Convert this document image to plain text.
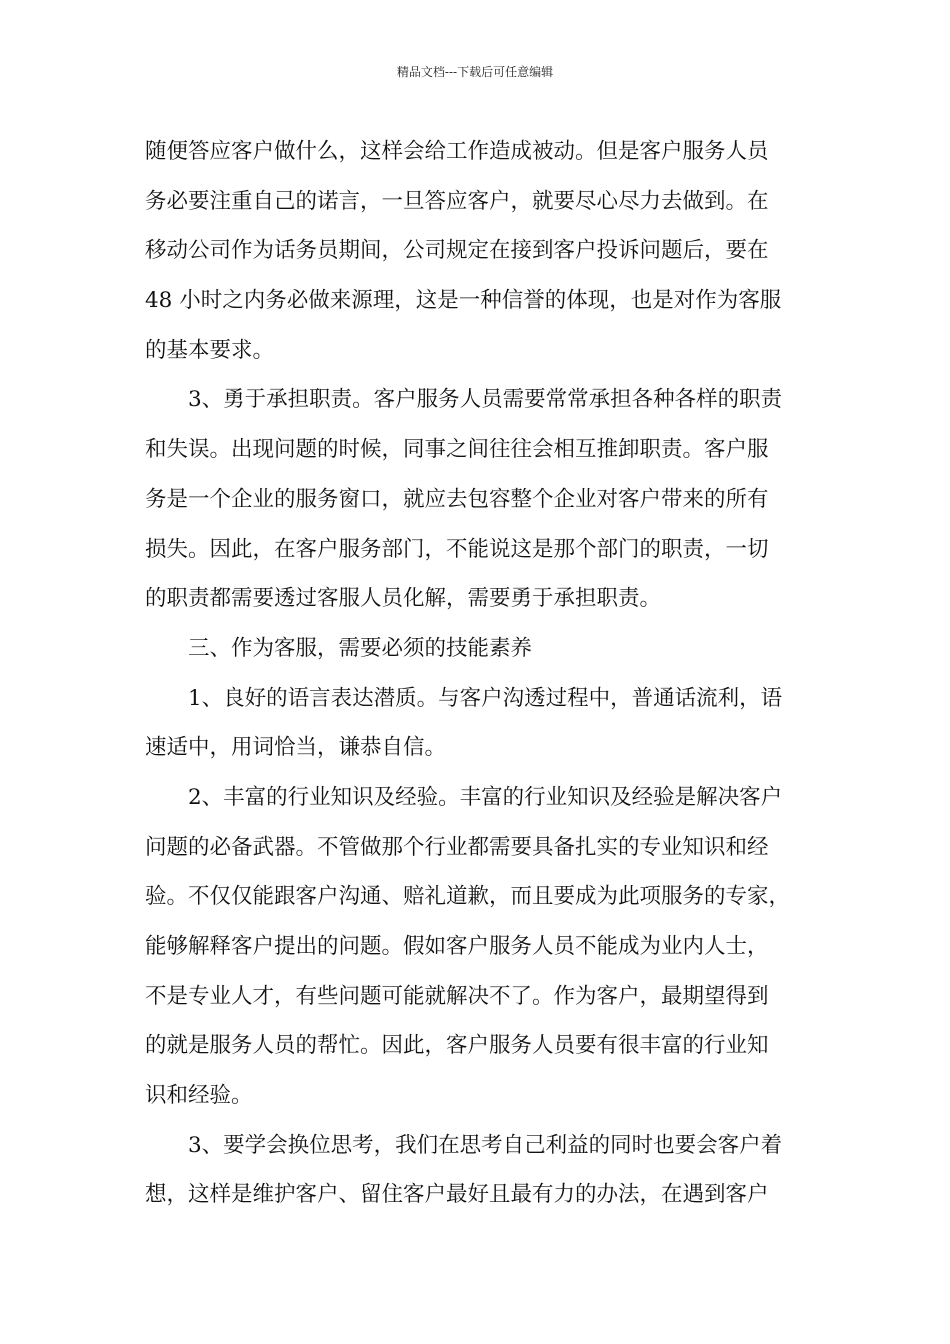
精品文档---下载后可任意编辑
随便答应客户做什么，这样会给工作造成被动。但是客户服务人员
务必要注重自己的诺言，一旦答应客户，就要尽心尽力去做到。在
移动公司作为话务员期间，公司规定在接到客户投诉问题后，要在
48 小时之内务必做来源理，这是一种信誉的体现，也是对作为客服
的基本要求。
3、勇于承担职责。客户服务人员需要常常承担各种各样的职责
和失误。出现问题的时候，同事之间往往会相互推卸职责。客户服
务是一个企业的服务窗口，就应去包容整个企业对客户带来的所有
损失。因此，在客户服务部门，不能说这是那个部门的职责，一切
的职责都需要透过客服人员化解，需要勇于承担职责。
三、作为客服，需要必须的技能素养
1、良好的语言表达潜质。与客户沟透过程中，普通话流利，语
速适中，用词恰当，谦恭自信。
2、丰富的行业知识及经验。丰富的行业知识及经验是解决客户
问题的必备武器。不管做那个行业都需要具备扎实的专业知识和经
验。不仅仅能跟客户沟通、赔礼道歉，而且要成为此项服务的专家，
能够解释客户提出的问题。假如客户服务人员不能成为业内人士，
不是专业人才，有些问题可能就解决不了。作为客户，最期望得到
的就是服务人员的帮忙。因此，客户服务人员要有很丰富的行业知
识和经验。
3、要学会换位思考，我们在思考自己利益的同时也要会客户着
想，这样是维护客户、留住客户最好且最有力的办法，在遇到客户
